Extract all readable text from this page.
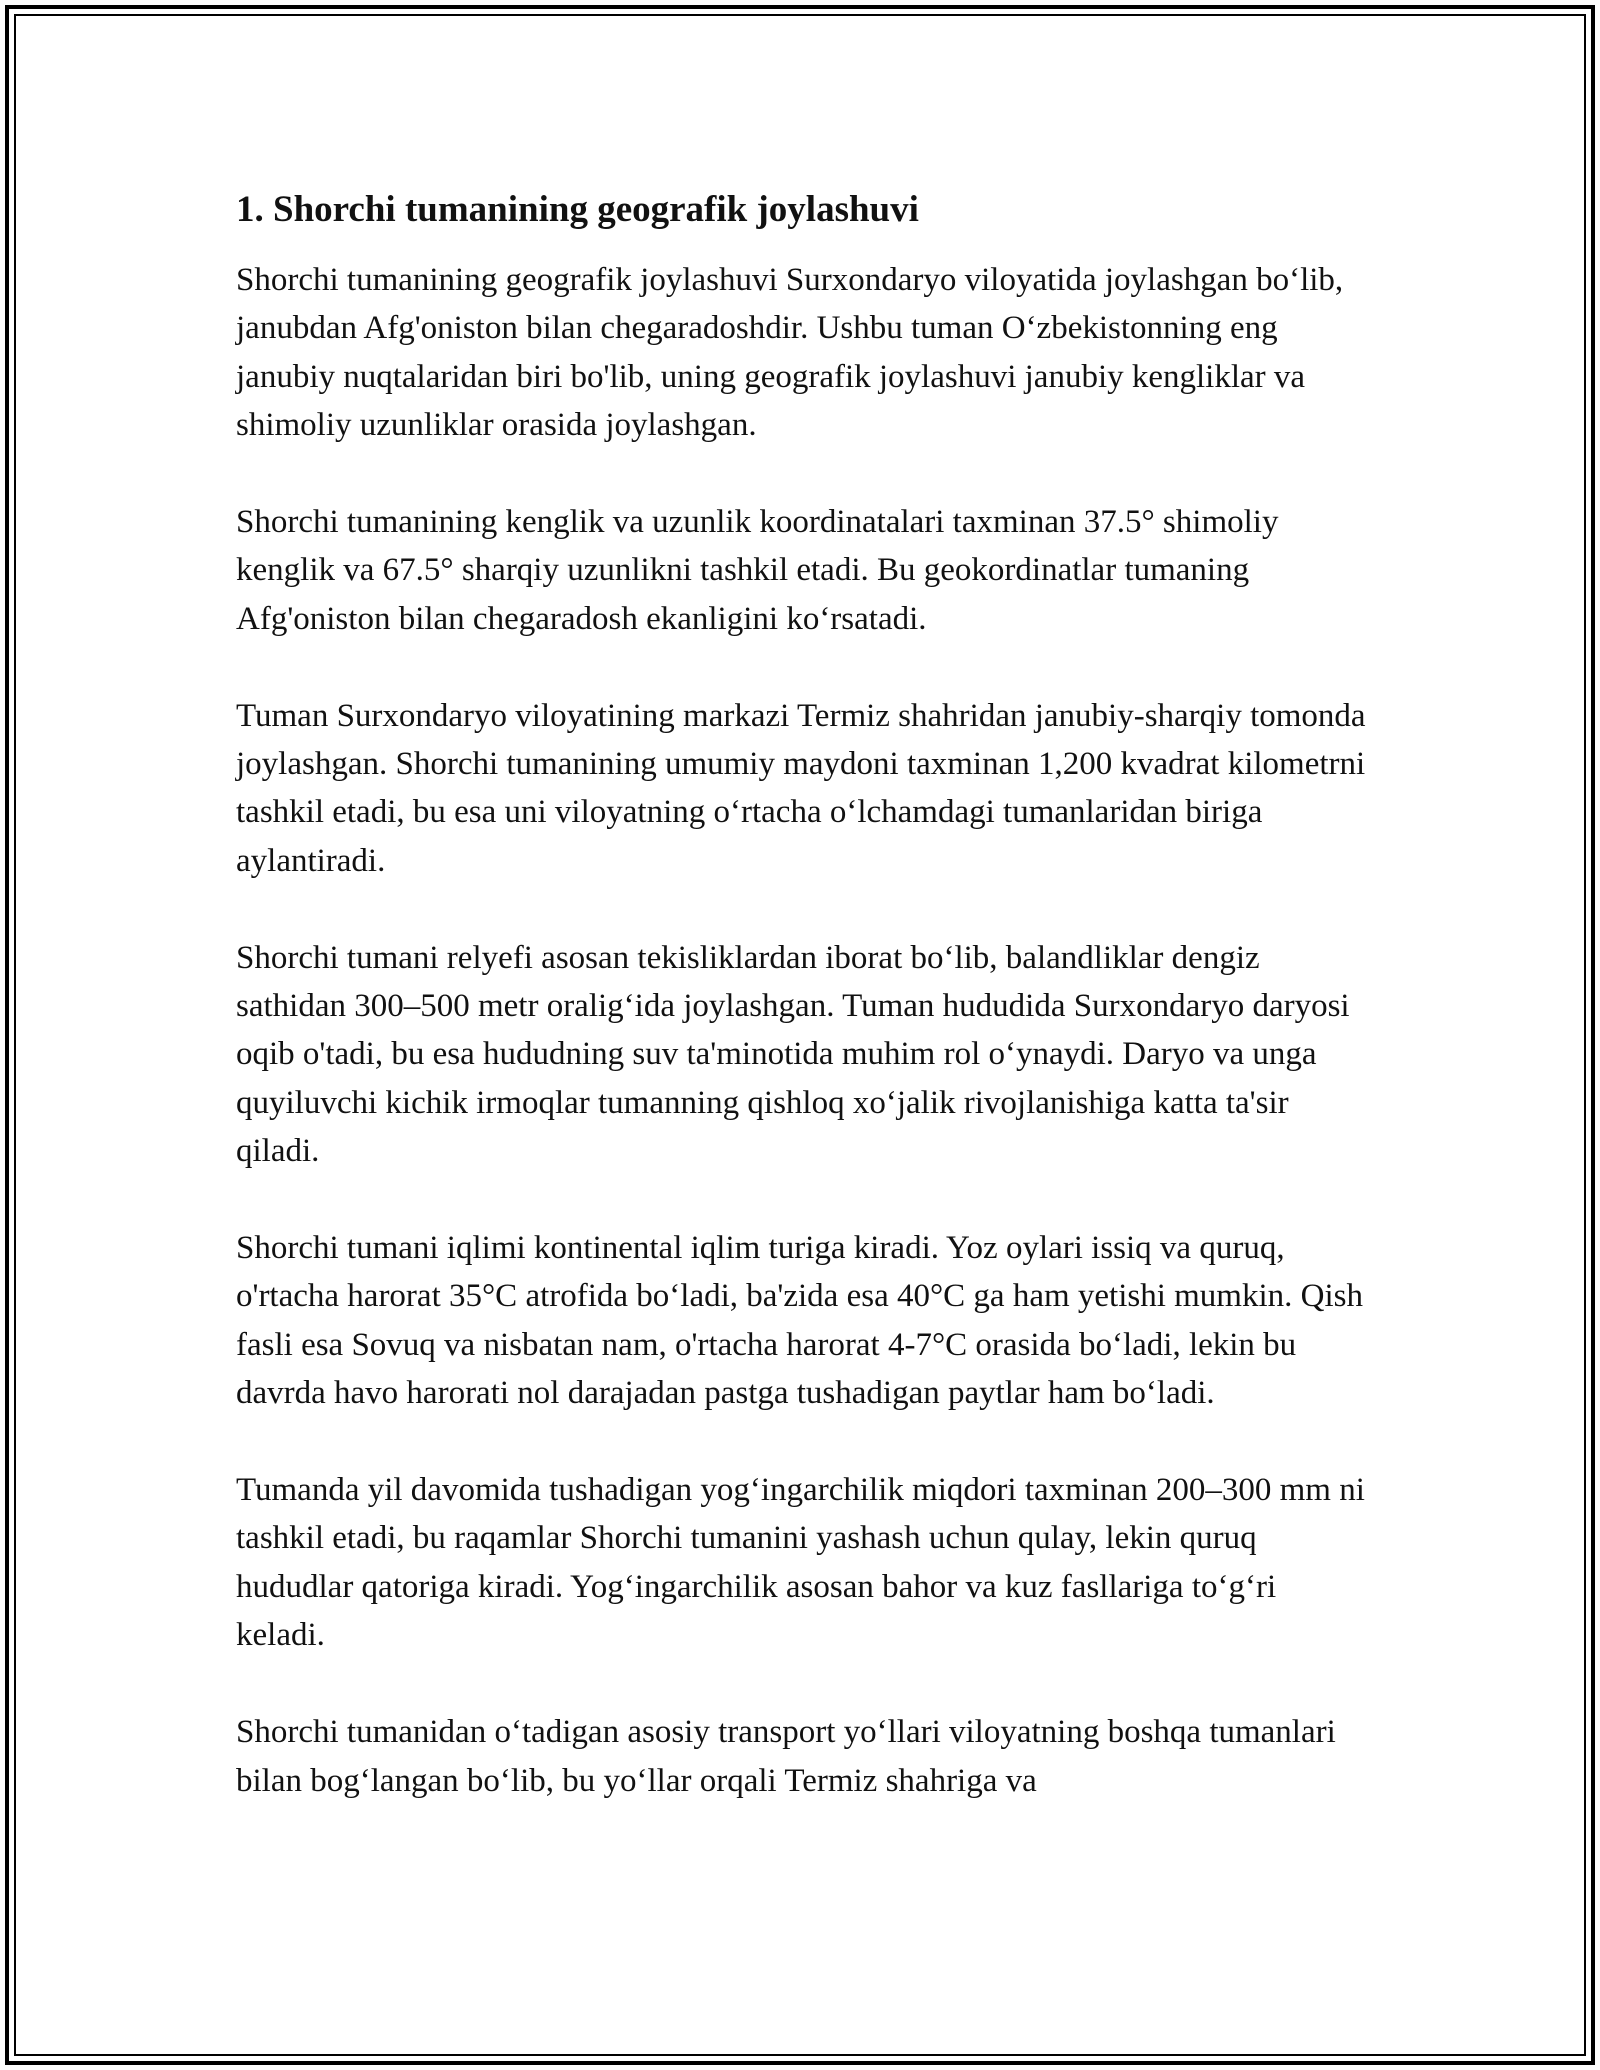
1. Shorchi tumanining geografik joylashuvi

Shorchi tumanining geografik joylashuvi Surxondaryo viloyatida joylashgan bo‘lib, janubdan Afg'oniston bilan chegaradoshdir. Ushbu tuman O‘zbekistonning eng janubiy nuqtalaridan biri bo'lib, uning geografik joylashuvi janubiy kengliklar va shimoliy uzunliklar orasida joylashgan.

Shorchi tumanining kenglik va uzunlik koordinatalari taxminan 37.5° shimoliy kenglik va 67.5° sharqiy uzunlikni tashkil etadi. Bu geokordinatlar tumaning Afg'oniston bilan chegaradosh ekanligini ko‘rsatadi.

Tuman Surxondaryo viloyatining markazi Termiz shahridan janubiy-sharqiy tomonda joylashgan. Shorchi tumanining umumiy maydoni taxminan 1,200 kvadrat kilometrni tashkil etadi, bu esa uni viloyatning o‘rtacha o‘lchamdagi tumanlaridan biriga aylantiradi.

Shorchi tumani relyefi asosan tekisliklardan iborat bo‘lib, balandliklar dengiz sathidan 300–500 metr oralig‘ida joylashgan. Tuman hududida Surxondaryo daryosi oqib o'tadi, bu esa hududning suv ta'minotida muhim rol o‘ynaydi. Daryo va unga quyiluvchi kichik irmoqlar tumanning qishloq xo‘jalik rivojlanishiga katta ta'sir qiladi.

Shorchi tumani iqlimi kontinental iqlim turiga kiradi. Yoz oylari issiq va quruq, o'rtacha harorat 35°C atrofida bo‘ladi, ba'zida esa 40°C ga ham yetishi mumkin. Qish fasli esa Sovuq va nisbatan nam, o'rtacha harorat 4-7°C orasida bo‘ladi, lekin bu davrda havo harorati nol darajadan pastga tushadigan paytlar ham bo‘ladi.

Tumanda yil davomida tushadigan yog‘ingarchilik miqdori taxminan 200–300 mm ni tashkil etadi, bu raqamlar Shorchi tumanini yashash uchun qulay, lekin quruq hududlar qatoriga kiradi. Yog‘ingarchilik asosan bahor va kuz fasllariga to‘g‘ri keladi.

Shorchi tumanidan o‘tadigan asosiy transport yo‘llari viloyatning boshqa tumanlari bilan bog‘langan bo‘lib, bu yo‘llar orqali Termiz shahriga va
